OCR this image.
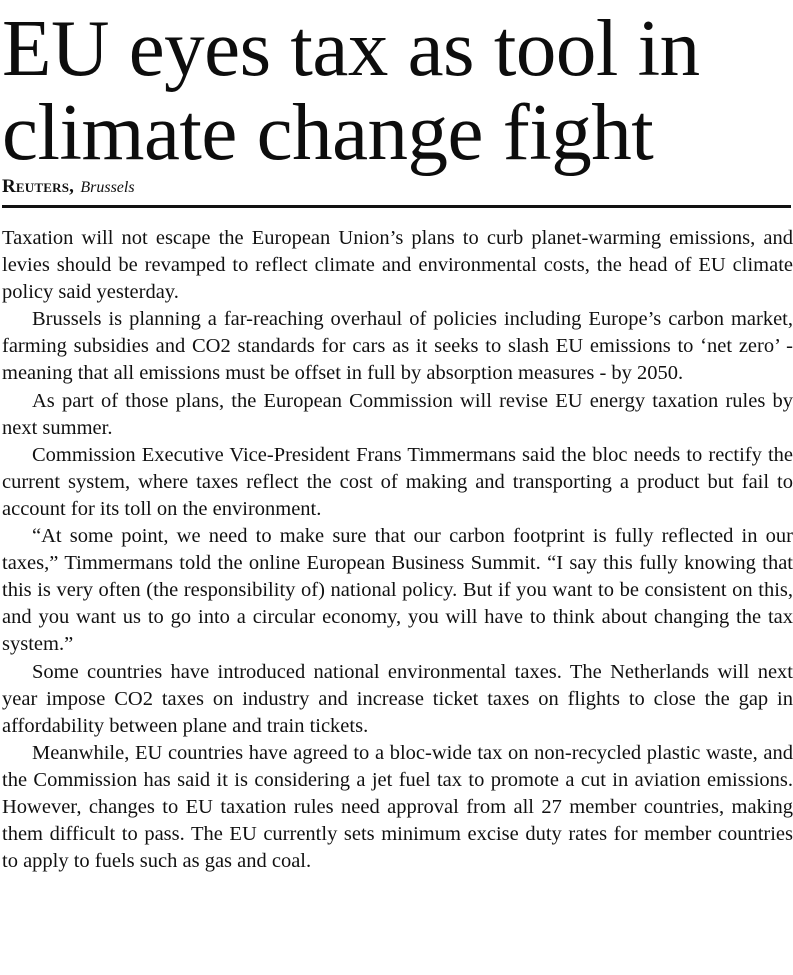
EU eyes tax as tool in climate change fight
Reuters, Brussels

Taxation will not escape the European Union’s plans to curb planet-warming emissions, and levies should be revamped to reflect climate and environmental costs, the head of EU climate policy said yesterday.

Brussels is planning a far-reaching overhaul of policies including Europe’s carbon market, farming subsidies and CO2 standards for cars as it seeks to slash EU emissions to ‘net zero’ - meaning that all emissions must be offset in full by absorption measures - by 2050.

As part of those plans, the European Commission will revise EU energy taxation rules by next summer.

Commission Executive Vice-President Frans Timmermans said the bloc needs to rectify the current system, where taxes reflect the cost of making and transporting a product but fail to account for its toll on the environment.

“At some point, we need to make sure that our carbon footprint is fully reflected in our taxes,” Timmermans told the online European Business Summit. “I say this fully knowing that this is very often (the responsibility of) national policy. But if you want to be consistent on this, and you want us to go into a circular economy, you will have to think about changing the tax system.”

Some countries have introduced national environmental taxes. The Netherlands will next year impose CO2 taxes on industry and increase ticket taxes on flights to close the gap in affordability between plane and train tickets.

Meanwhile, EU countries have agreed to a bloc-wide tax on non-recycled plastic waste, and the Commission has said it is considering a jet fuel tax to promote a cut in aviation emissions. However, changes to EU taxation rules need approval from all 27 member countries, making them difficult to pass. The EU currently sets minimum excise duty rates for member countries to apply to fuels such as gas and coal.
